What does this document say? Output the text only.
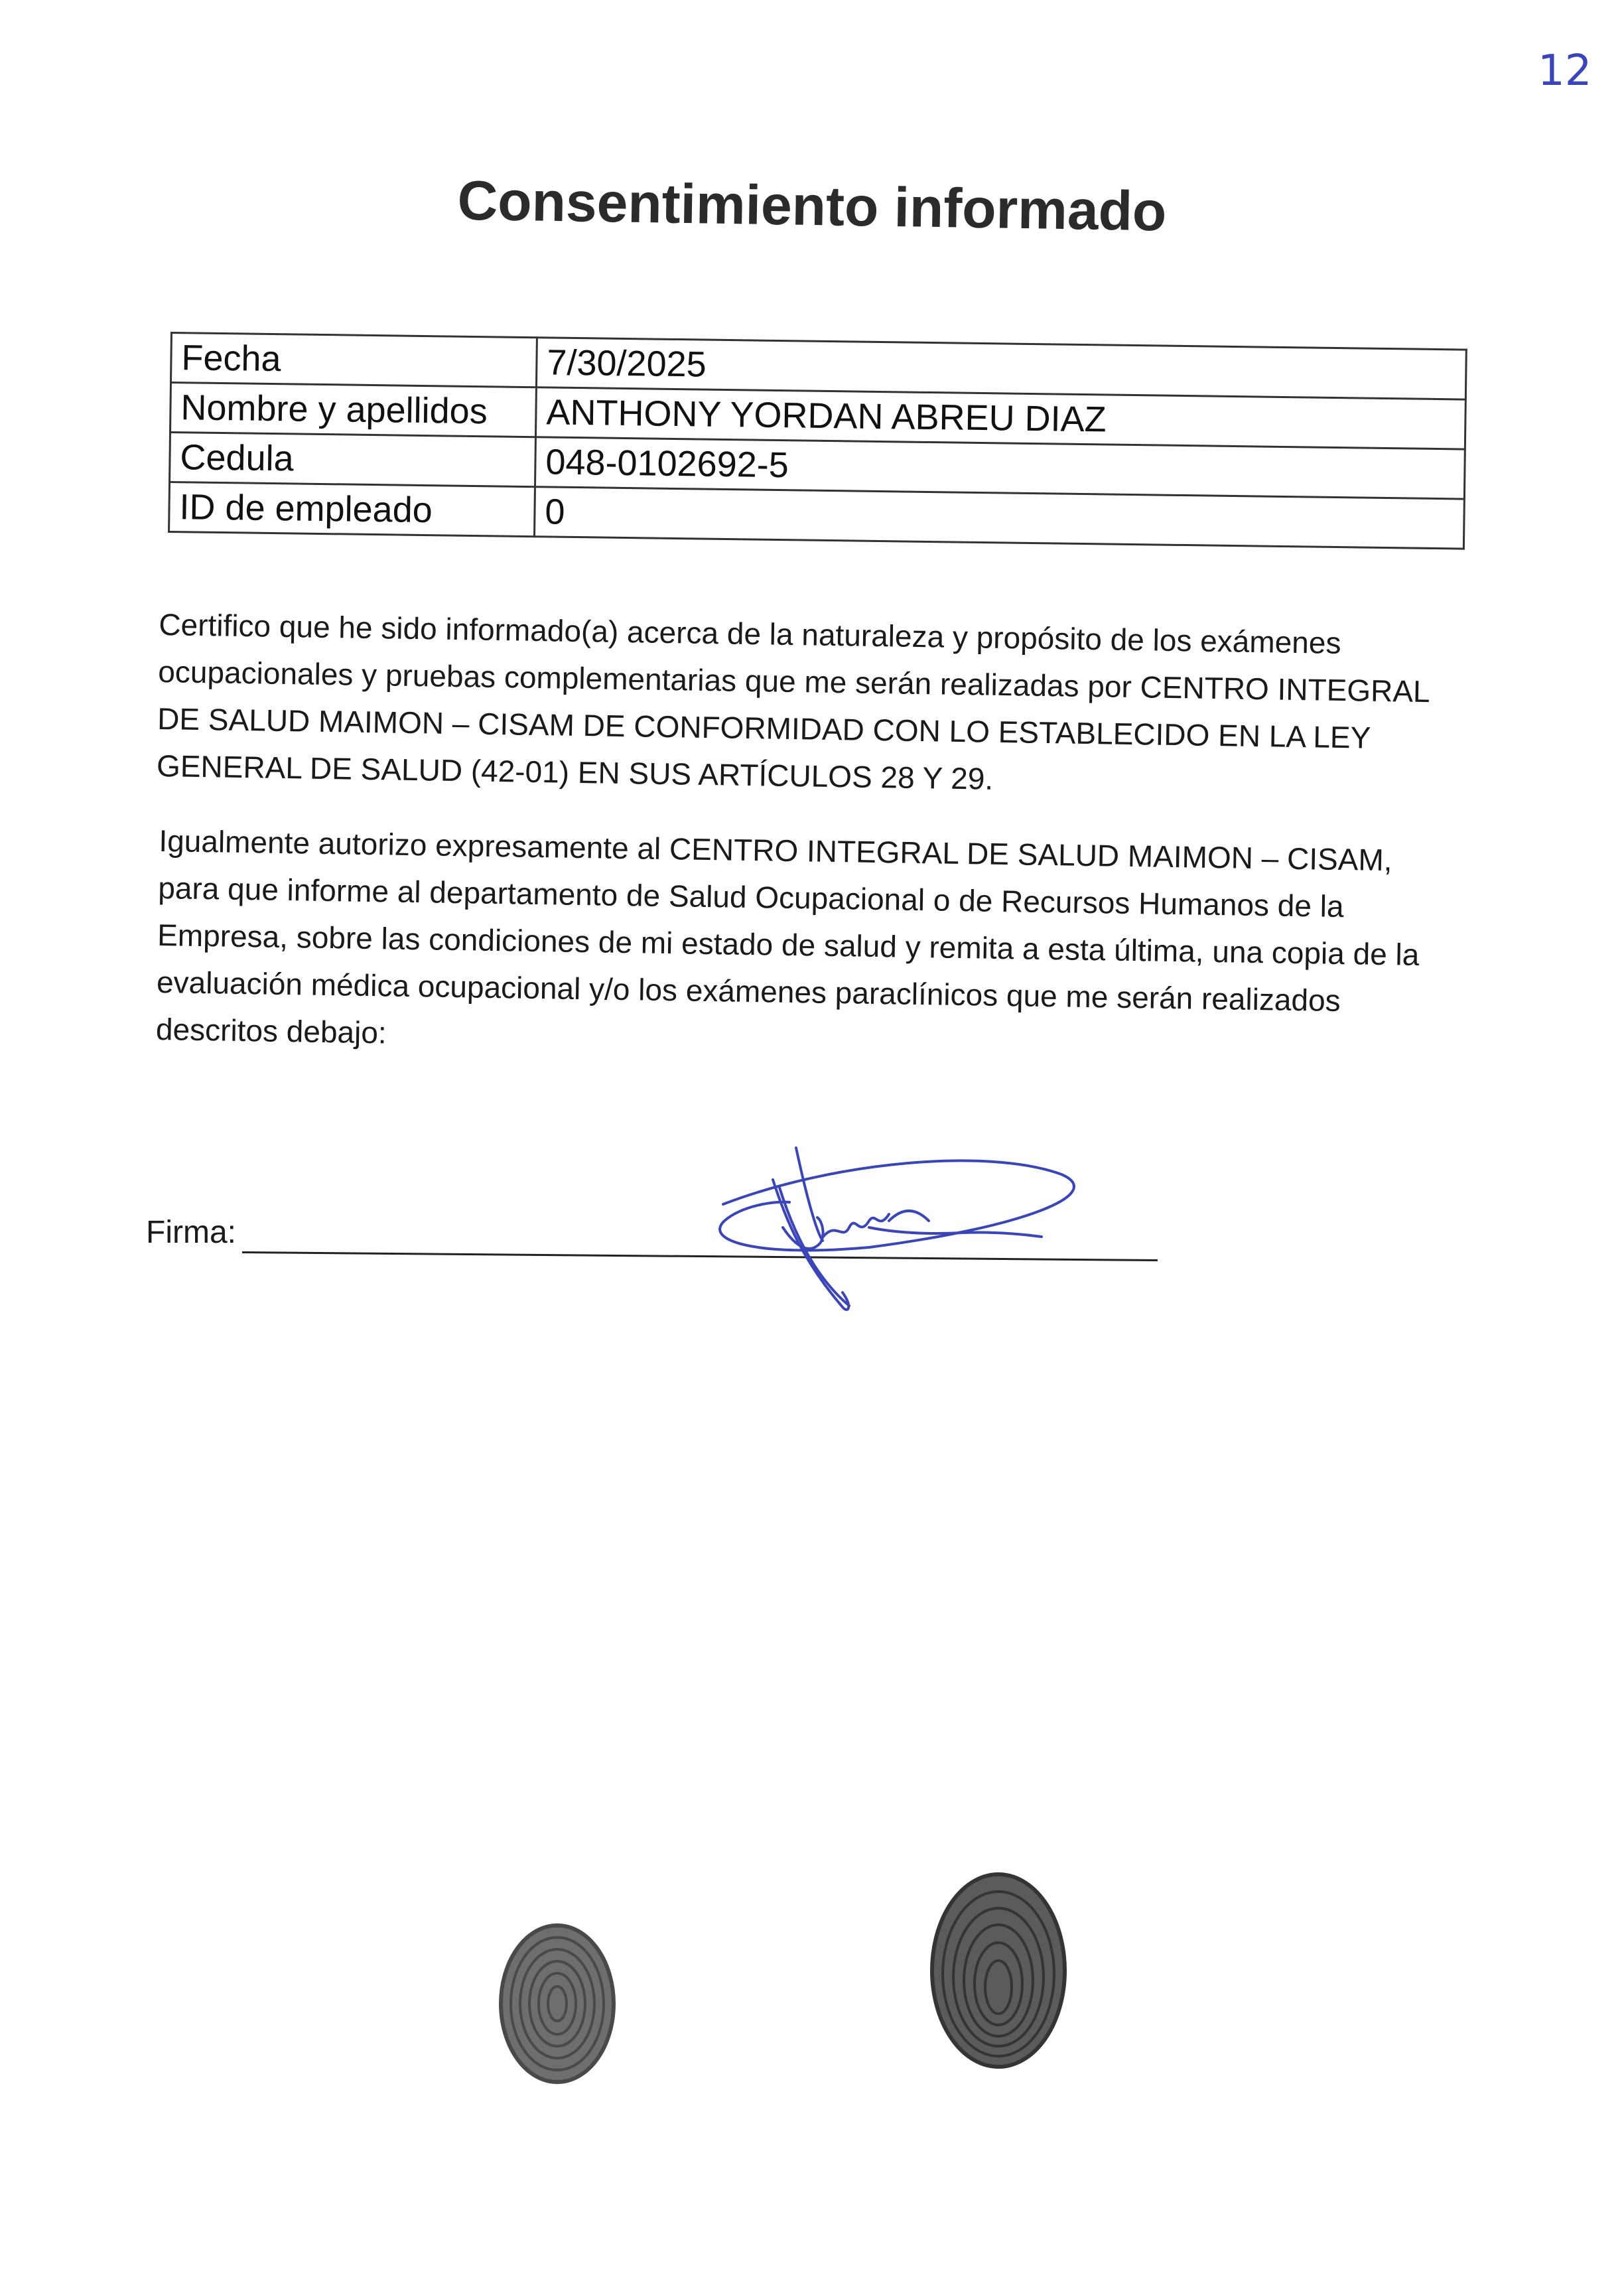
12
Consentimiento informado
Fecha	7/30/2025
Nombre y apellidos	ANTHONY YORDAN ABREU DIAZ
Cedula	048-0102692-5
ID de empleado	0
Certifico que he sido informado(a) acerca de la naturaleza y propósito de los exámenes ocupacionales y pruebas complementarias que me serán realizadas por CENTRO INTEGRAL DE SALUD MAIMON – CISAM DE CONFORMIDAD CON LO ESTABLECIDO EN LA LEY GENERAL DE SALUD (42-01) EN SUS ARTÍCULOS 28 Y 29.
Igualmente autorizo expresamente al CENTRO INTEGRAL DE SALUD MAIMON – CISAM, para que informe al departamento de Salud Ocupacional o de Recursos Humanos de la Empresa, sobre las condiciones de mi estado de salud y remita a esta última, una copia de la evaluación médica ocupacional y/o los exámenes paraclínicos que me serán realizados descritos debajo:
Firma:
